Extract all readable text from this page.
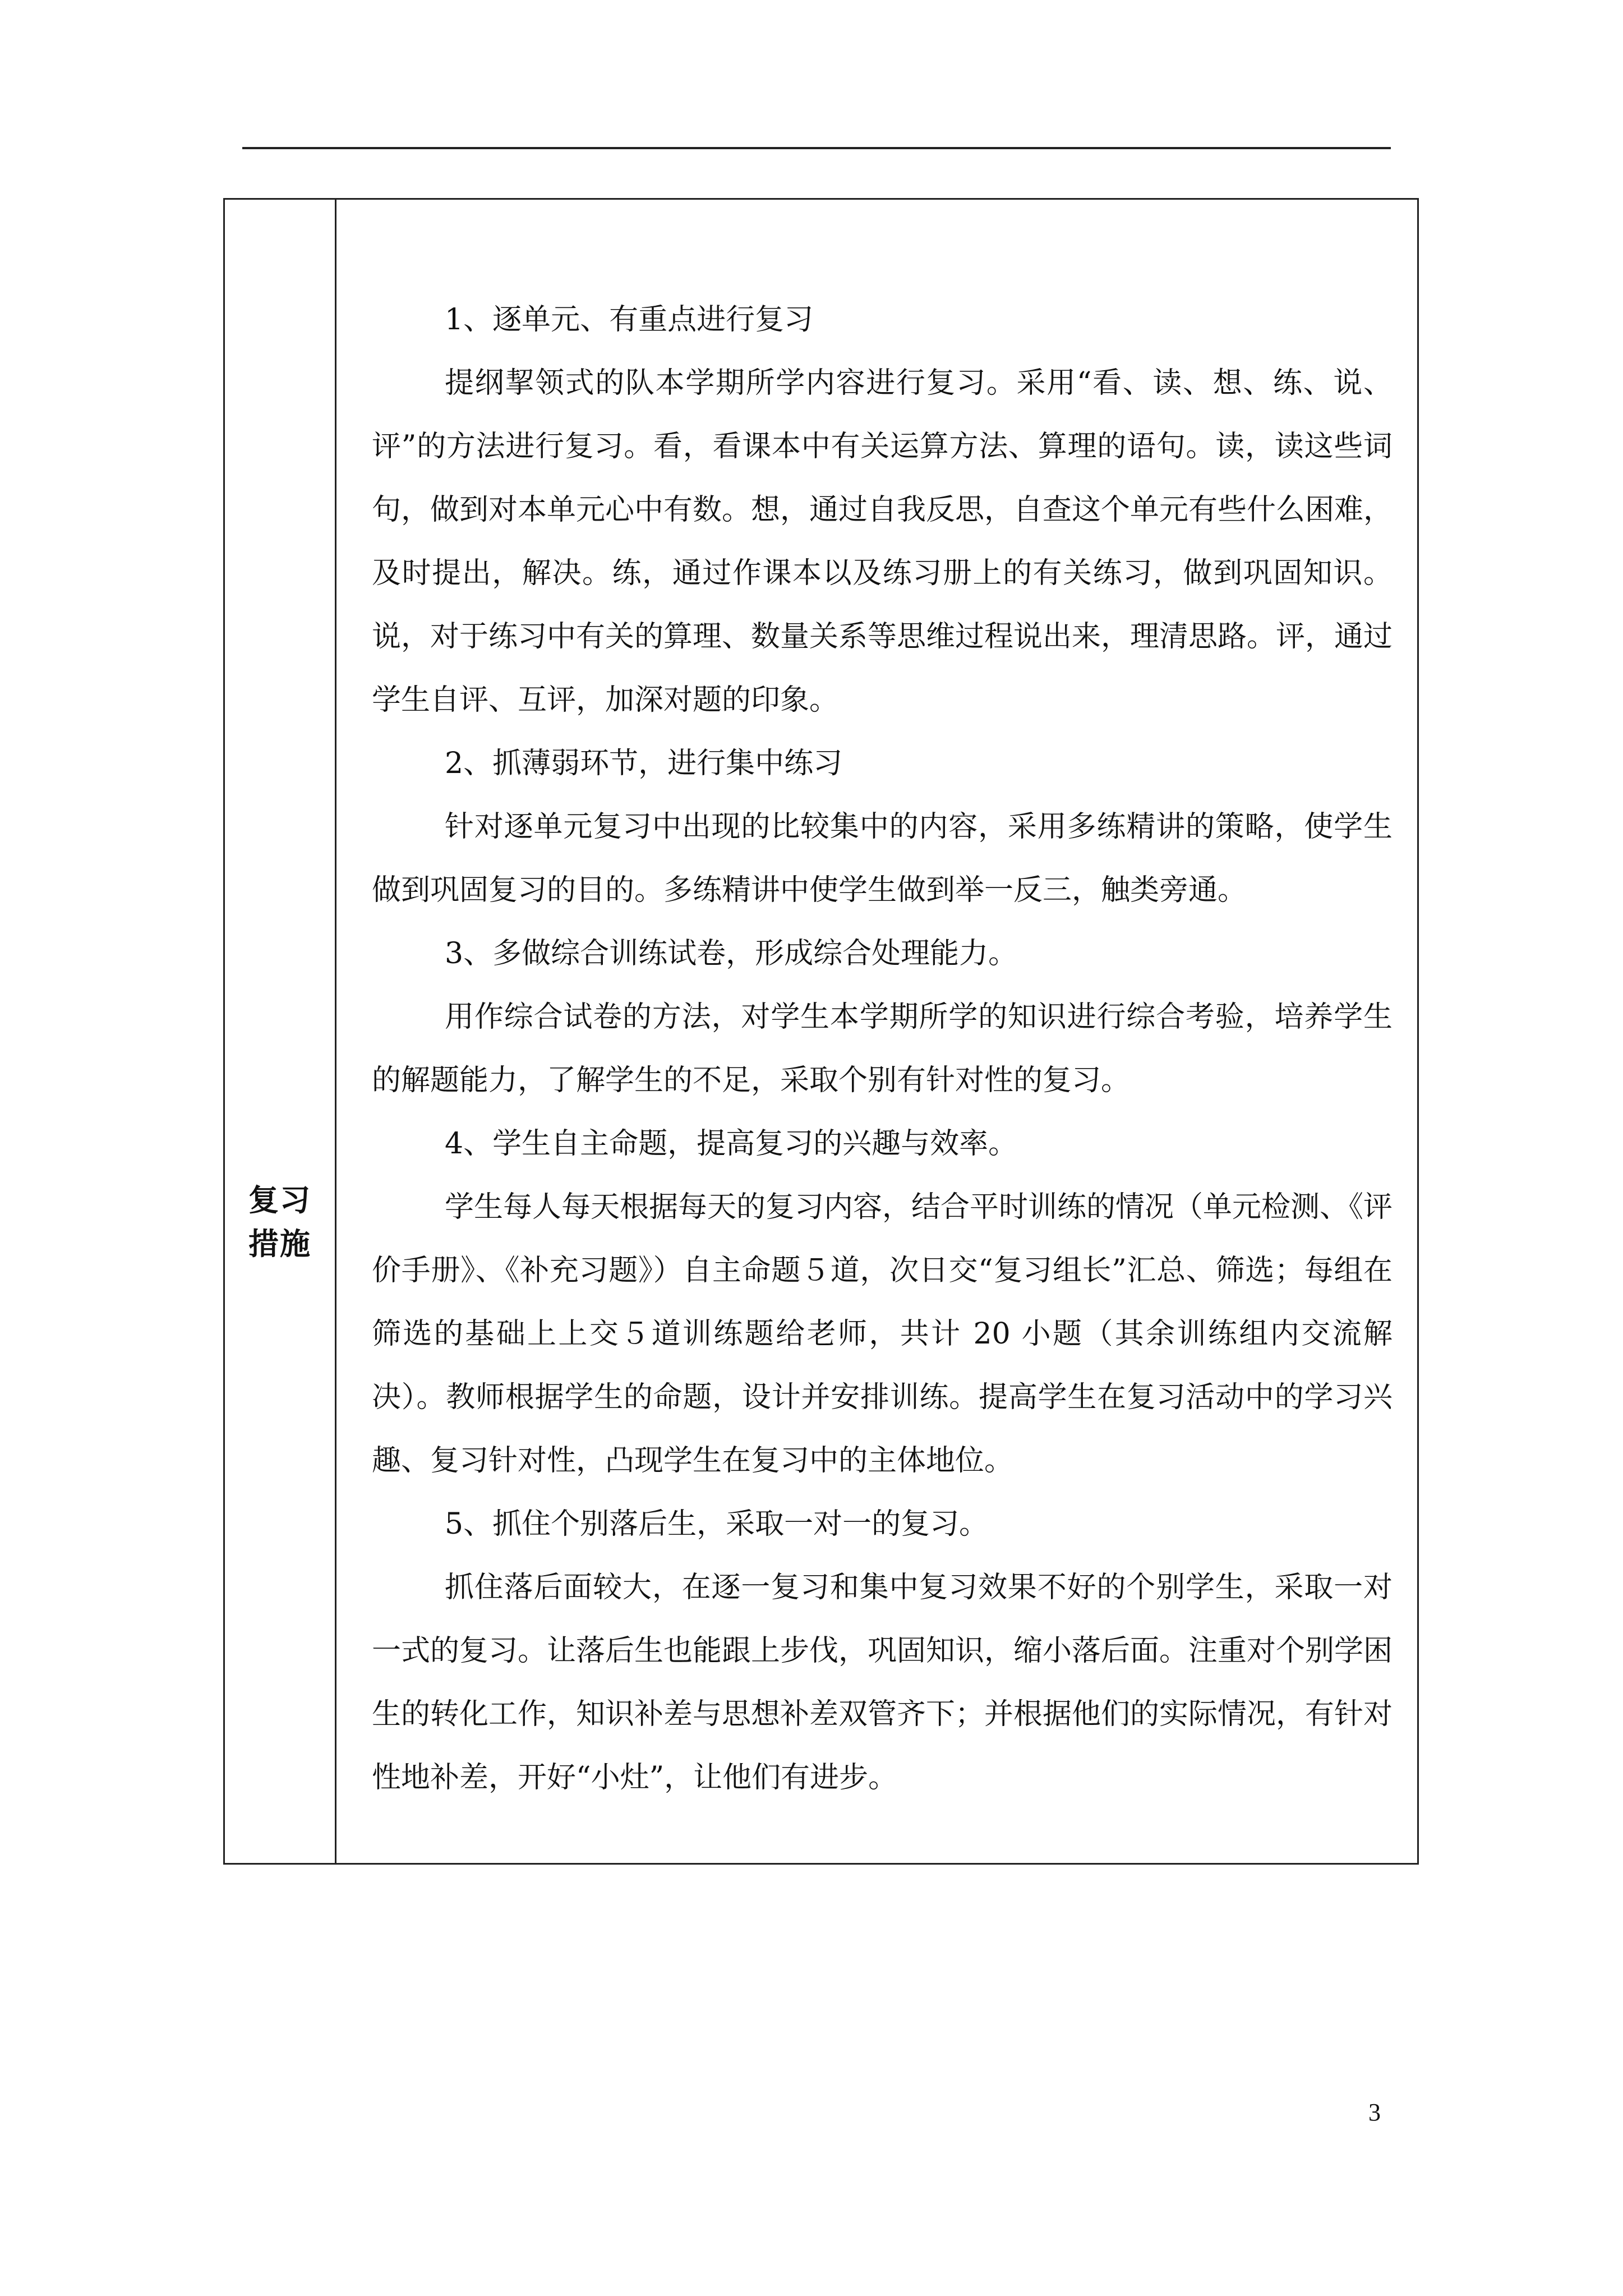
复习
措施

1、逐单元、有重点进行复习

提纲挈领式的队本学期所学内容进行复习。采用“看、读、想、练、说、评”的方法进行复习。看，看课本中有关运算方法、算理的语句。读，读这些词句，做到对本单元心中有数。想，通过自我反思，自查这个单元有些什么困难，及时提出，解决。练，通过作课本以及练习册上的有关练习，做到巩固知识。说，对于练习中有关的算理、数量关系等思维过程说出来，理清思路。评，通过学生自评、互评，加深对题的印象。

2、抓薄弱环节，进行集中练习

针对逐单元复习中出现的比较集中的内容，采用多练精讲的策略，使学生做到巩固复习的目的。多练精讲中使学生做到举一反三，触类旁通。

3、多做综合训练试卷，形成综合处理能力。

用作综合试卷的方法，对学生本学期所学的知识进行综合考验，培养学生的解题能力，了解学生的不足，采取个别有针对性的复习。

4、学生自主命题，提高复习的兴趣与效率。

学生每人每天根据每天的复习内容，结合平时训练的情况（单元检测、《评价手册》、《补充习题》）自主命题５道，次日交“复习组长”汇总、筛选；每组在筛选的基础上上交５道训练题给老师，共计 20 小题（其余训练组内交流解决）。教师根据学生的命题，设计并安排训练。提高学生在复习活动中的学习兴趣、复习针对性，凸现学生在复习中的主体地位。

5、抓住个别落后生，采取一对一的复习。

抓住落后面较大，在逐一复习和集中复习效果不好的个别学生，采取一对一式的复习。让落后生也能跟上步伐，巩固知识，缩小落后面。注重对个别学困生的转化工作，知识补差与思想补差双管齐下；并根据他们的实际情况，有针对性地补差，开好“小灶”，让他们有进步。

3
